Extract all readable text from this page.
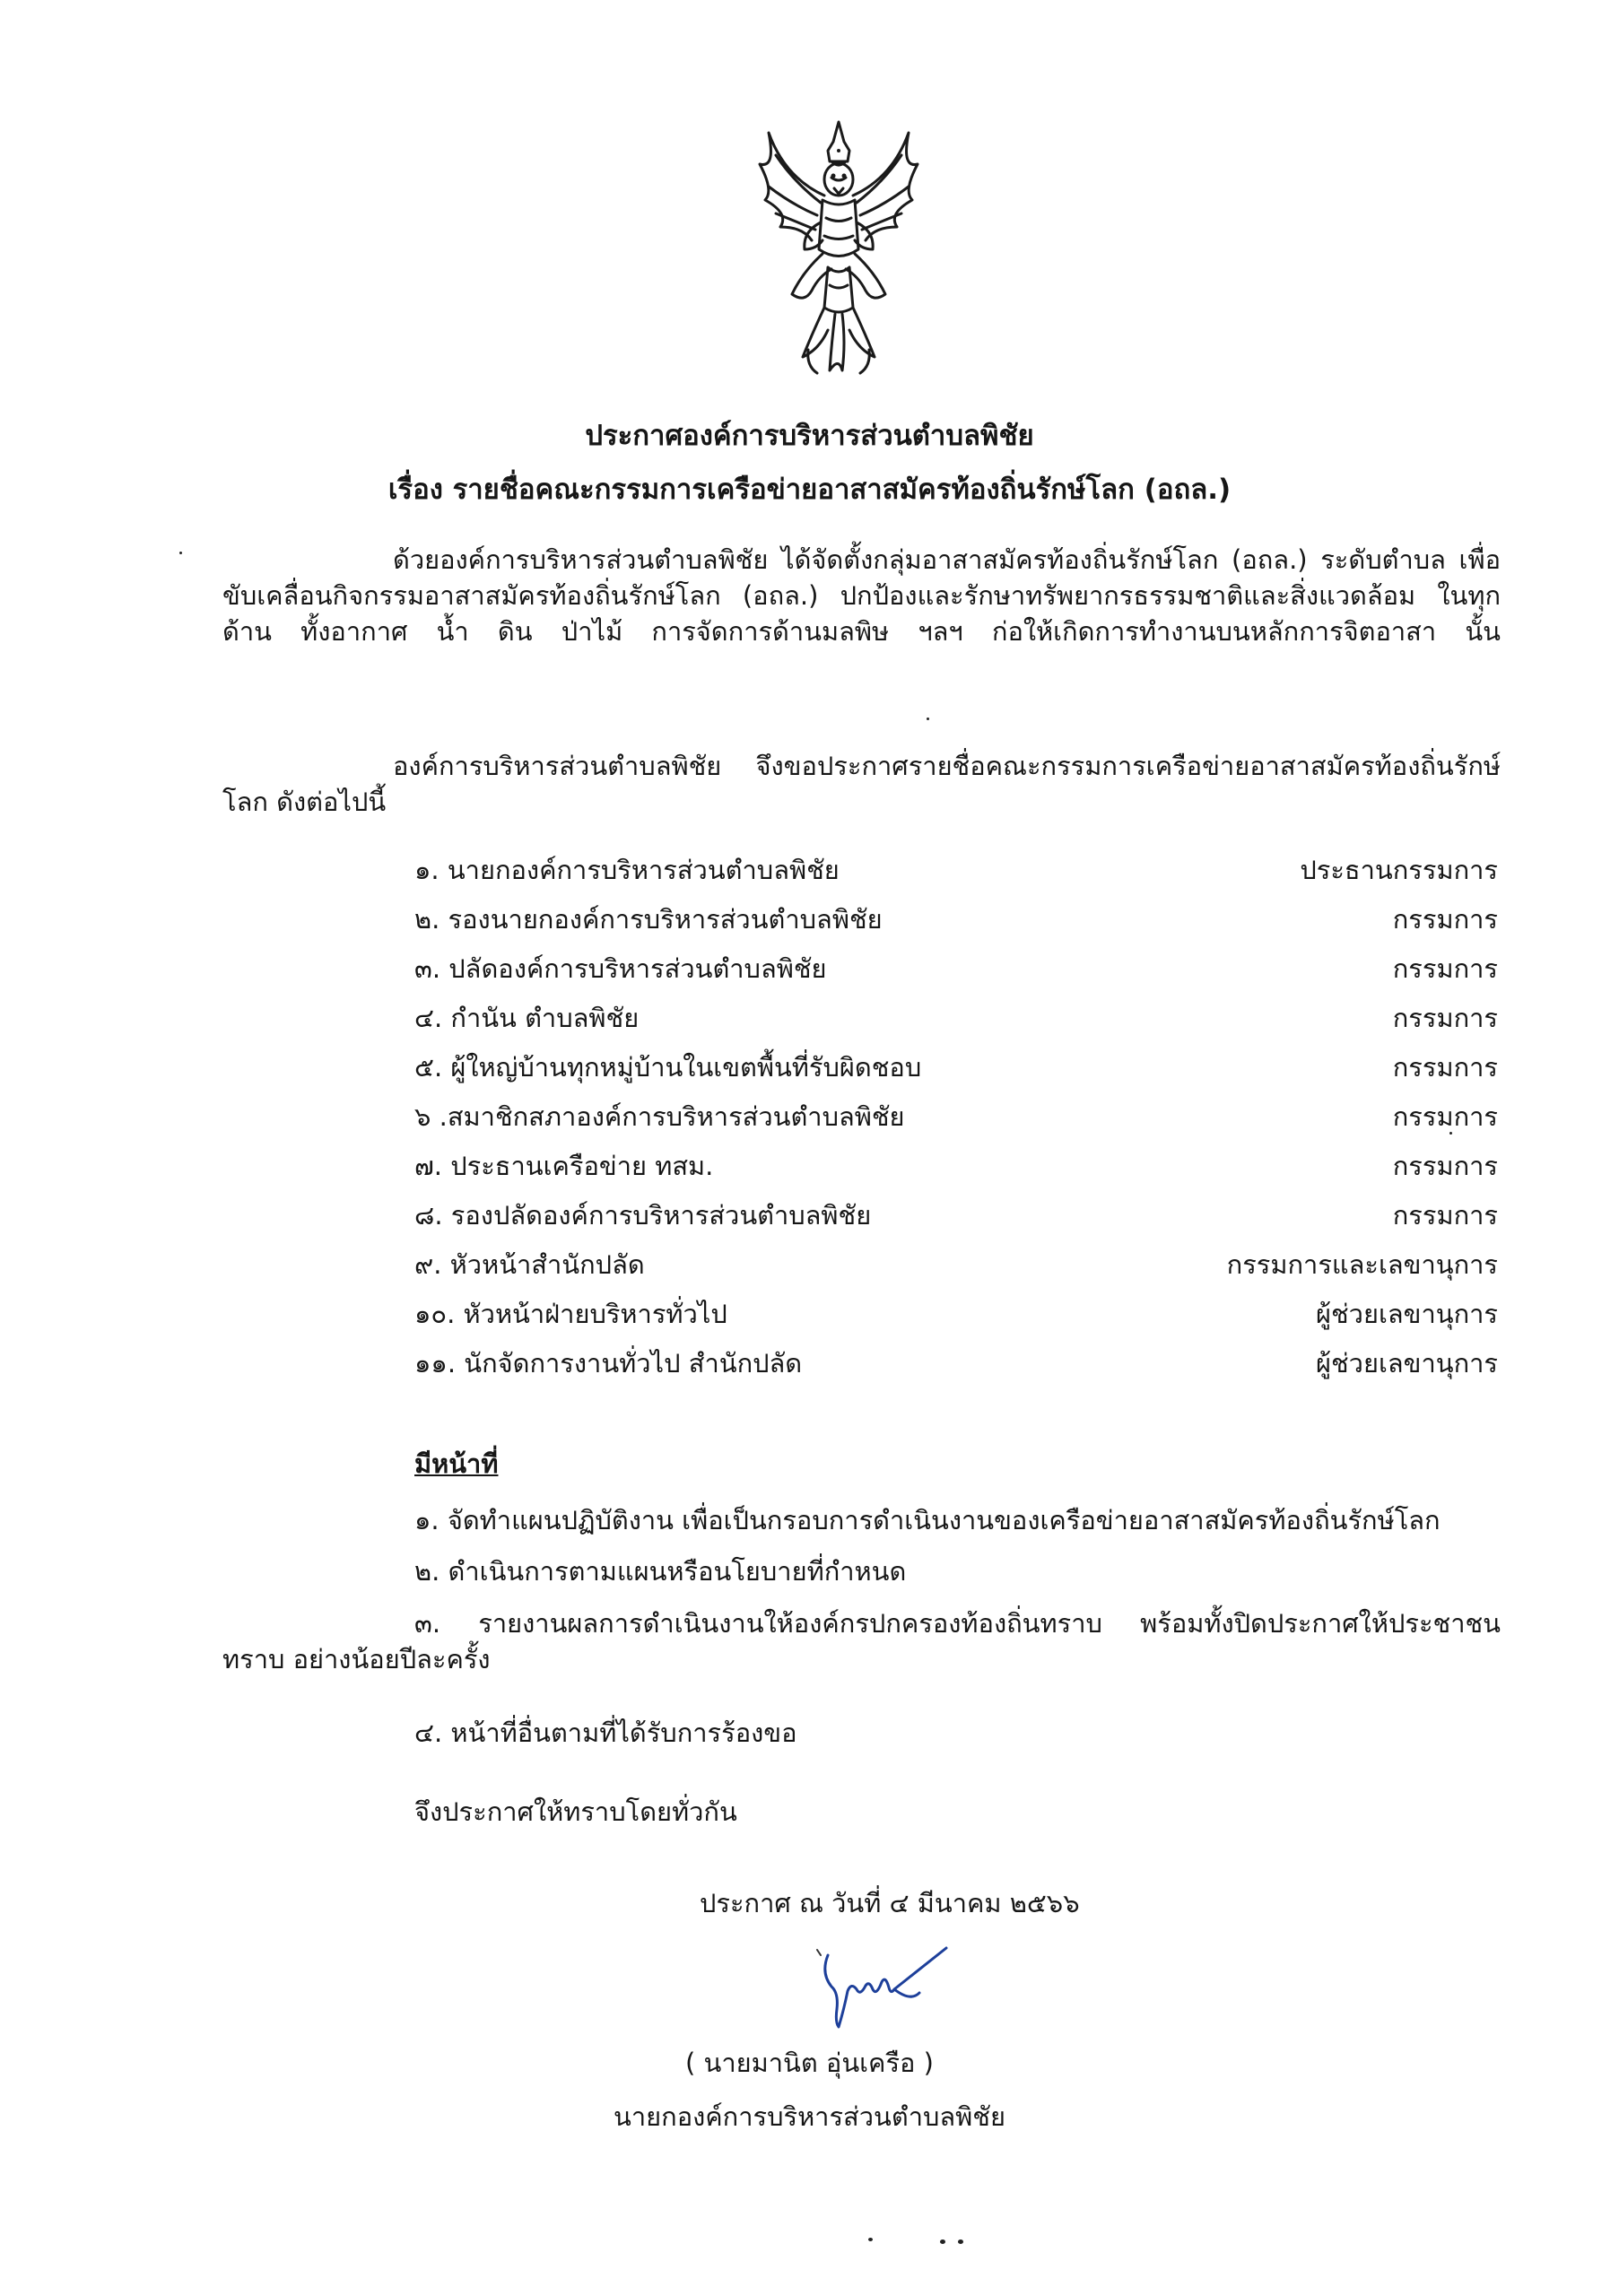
ประกาศองค์การบริหารส่วนตำบลพิชัย
เรื่อง รายชื่อคณะกรรมการเครือข่ายอาสาสมัครท้องถิ่นรักษ์โลก (อถล.)
ด้วยองค์การบริหารส่วนตำบลพิชัย ได้จัดตั้งกลุ่มอาสาสมัครท้องถิ่นรักษ์โลก (อถล.) ระดับตำบล เพื่อขับเคลื่อนกิจกรรมอาสาสมัครท้องถิ่นรักษ์โลก (อถล.) ปกป้องและรักษาทรัพยากรธรรมชาติและสิ่งแวดล้อม ในทุกด้าน ทั้งอากาศ น้ำ ดิน ป่าไม้ การจัดการด้านมลพิษ ฯลฯ ก่อให้เกิดการทำงานบนหลักการจิตอาสา นั้น
องค์การบริหารส่วนตำบลพิชัย จึงขอประกาศรายชื่อคณะกรรมการเครือข่ายอาสาสมัครท้องถิ่นรักษ์โลก ดังต่อไปนี้
๑. นายกองค์การบริหารส่วนตำบลพิชัย	ประธานกรรมการ
๒. รองนายกองค์การบริหารส่วนตำบลพิชัย	กรรมการ
๓. ปลัดองค์การบริหารส่วนตำบลพิชัย	กรรมการ
๔. กำนัน ตำบลพิชัย	กรรมการ
๕. ผู้ใหญ่บ้านทุกหมู่บ้านในเขตพื้นที่รับผิดชอบ	กรรมการ
๖ .สมาชิกสภาองค์การบริหารส่วนตำบลพิชัย	กรรมการ
๗. ประธานเครือข่าย ทสม.	กรรมการ
๘. รองปลัดองค์การบริหารส่วนตำบลพิชัย	กรรมการ
๙. หัวหน้าสำนักปลัด	กรรมการและเลขานุการ
๑๐. หัวหน้าฝ่ายบริหารทั่วไป	ผู้ช่วยเลขานุการ
๑๑. นักจัดการงานทั่วไป สำนักปลัด	ผู้ช่วยเลขานุการ
มีหน้าที่
๑. จัดทำแผนปฏิบัติงาน เพื่อเป็นกรอบการดำเนินงานของเครือข่ายอาสาสมัครท้องถิ่นรักษ์โลก
๒. ดำเนินการตามแผนหรือนโยบายที่กำหนด
๓. รายงานผลการดำเนินงานให้องค์กรปกครองท้องถิ่นทราบ พร้อมทั้งปิดประกาศให้ประชาชนทราบ อย่างน้อยปีละครั้ง
๔. หน้าที่อื่นตามที่ได้รับการร้องขอ
จึงประกาศให้ทราบโดยทั่วกัน
ประกาศ ณ วันที่ ๔ มีนาคม ๒๕๖๖
( นายมานิต อุ่นเครือ )
นายกองค์การบริหารส่วนตำบลพิชัย
